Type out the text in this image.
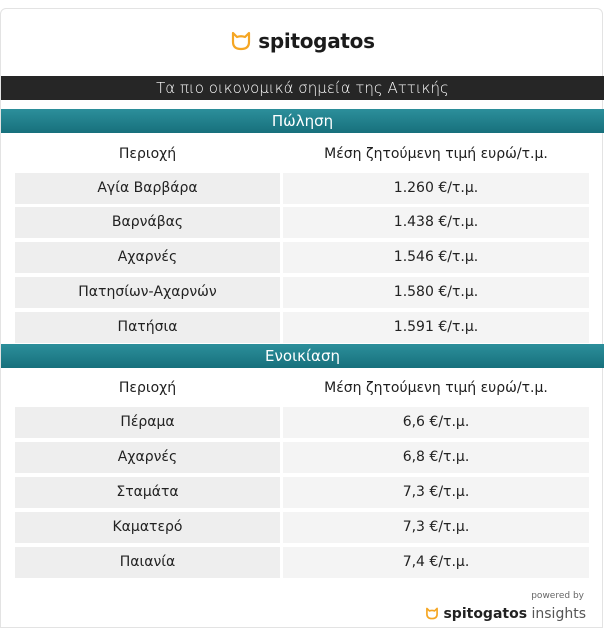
spitogatos
Τα πιο οικονομικά σημεία της Αττικής
Πώληση
Περιοχή	Μέση ζητούμενη τιμή ευρώ/τ.μ.
Αγία Βαρβάρα	1.260 €/τ.μ.
Βαρνάβας	1.438 €/τ.μ.
Αχαρνές	1.546 €/τ.μ.
Πατησίων-Αχαρνών	1.580 €/τ.μ.
Πατήσια	1.591 €/τ.μ.
Ενοικίαση
Περιοχή	Μέση ζητούμενη τιμή ευρώ/τ.μ.
Πέραμα	6,6 €/τ.μ.
Αχαρνές	6,8 €/τ.μ.
Σταμάτα	7,3 €/τ.μ.
Καματερό	7,3 €/τ.μ.
Παιανία	7,4 €/τ.μ.
powered by
spitogatos insights
